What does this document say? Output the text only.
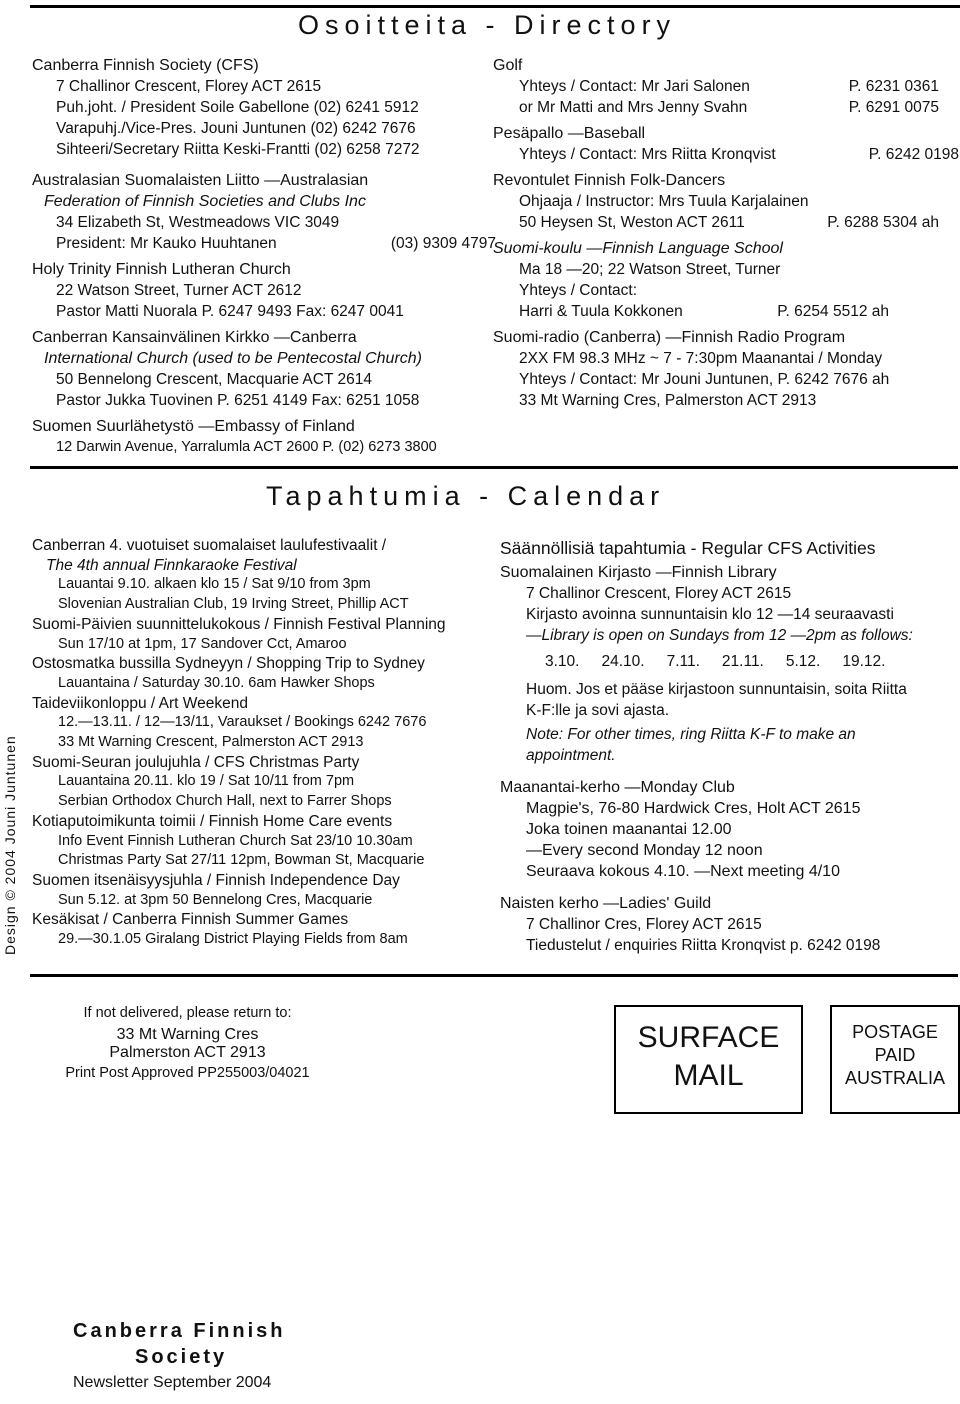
Osoitteita - Directory
Canberra Finnish Society (CFS)
7 Challinor Crescent, Florey ACT 2615
Puh.joht. / President Soile Gabellone (02) 6241 5912
Varapuhj./Vice-Pres. Jouni Juntunen (02) 6242 7676
Sihteeri/Secretary Riitta Keski-Frantti (02) 6258 7272
Australasian Suomalaisten Liitto —Australasian
Federation of Finnish Societies and Clubs Inc
34 Elizabeth St, Westmeadows VIC 3049
President: Mr Kauko Huuhtanen	(03) 9309 4797
Holy Trinity Finnish Lutheran Church
22 Watson Street, Turner ACT 2612
Pastor Matti Nuorala P. 6247 9493 Fax: 6247 0041
Canberran Kansainvälinen Kirkko —Canberra
International Church (used to be Pentecostal Church)
50 Bennelong Crescent, Macquarie ACT 2614
Pastor Jukka Tuovinen P. 6251 4149 Fax: 6251 1058
Suomen Suurlähetystö —Embassy of Finland
12 Darwin Avenue, Yarralumla ACT 2600 P. (02) 6273 3800
Golf
Yhteys / Contact: Mr Jari Salonen	P. 6231 0361
or Mr Matti and Mrs Jenny Svahn	P. 6291 0075
Pesäpallo —Baseball
Yhteys / Contact: Mrs Riitta Kronqvist	P. 6242 0198
Revontulet Finnish Folk-Dancers
Ohjaaja / Instructor: Mrs Tuula Karjalainen
50 Heysen St, Weston ACT 2611	P. 6288 5304 ah
Suomi-koulu —Finnish Language School
Ma 18 —20; 22 Watson Street, Turner
Yhteys / Contact:
Harri & Tuula Kokkonen	P. 6254 5512 ah
Suomi-radio (Canberra) —Finnish Radio Program
2XX FM 98.3 MHz ~ 7 - 7:30pm Maanantai / Monday
Yhteys / Contact: Mr Jouni Juntunen, P. 6242 7676 ah
33 Mt Warning Cres, Palmerston ACT 2913
Tapahtumia - Calendar
Design © 2004 Jouni Juntunen
Canberran 4. vuotuiset suomalaiset laulufestivaalit /
The 4th annual Finnkaraoke Festival
Lauantai 9.10. alkaen klo 15 / Sat 9/10 from 3pm
Slovenian Australian Club, 19 Irving Street, Phillip ACT
Suomi-Päivien suunnittelukokous / Finnish Festival Planning
Sun 17/10 at 1pm, 17 Sandover Cct, Amaroo
Ostosmatka bussilla Sydneyyn / Shopping Trip to Sydney
Lauantaina / Saturday 30.10. 6am Hawker Shops
Taideviikonloppu / Art Weekend
12.—13.11. / 12—13/11, Varaukset / Bookings 6242 7676
33 Mt Warning Crescent, Palmerston ACT 2913
Suomi-Seuran joulujuhla / CFS Christmas Party
Lauantaina 20.11. klo 19 / Sat 10/11 from 7pm
Serbian Orthodox Church Hall, next to Farrer Shops
Kotiaputoimikunta toimii / Finnish Home Care events
Info Event Finnish Lutheran Church Sat 23/10 10.30am
Christmas Party Sat 27/11 12pm, Bowman St, Macquarie
Suomen itsenäisyysjuhla / Finnish Independence Day
Sun 5.12. at 3pm 50 Bennelong Cres, Macquarie
Kesäkisat / Canberra Finnish Summer Games
29.—30.1.05 Giralang District Playing Fields from 8am
Säännöllisiä tapahtumia - Regular CFS Activities
Suomalainen Kirjasto —Finnish Library
7 Challinor Crescent, Florey ACT 2615
Kirjasto avoinna sunnuntaisin klo 12 —14 seuraavasti
—Library is open on Sundays from 12 —2pm as follows:
3.10. 24.10. 7.11. 21.11. 5.12. 19.12.
Huom. Jos et pääse kirjastoon sunnuntaisin, soita Riitta
K-F:lle ja sovi ajasta.
Note: For other times, ring Riitta K-F to make an
appointment.
Maanantai-kerho —Monday Club
Magpie's, 76-80 Hardwick Cres, Holt ACT 2615
Joka toinen maanantai 12.00
—Every second Monday 12 noon
Seuraava kokous 4.10. —Next meeting 4/10
Naisten kerho —Ladies' Guild
7 Challinor Cres, Florey ACT 2615
Tiedustelut / enquiries Riitta Kronqvist p. 6242 0198
If not delivered, please return to:
33 Mt Warning Cres
Palmerston ACT 2913
Print Post Approved PP255003/04021
SURFACE
MAIL
POSTAGE
PAID
AUSTRALIA
Canberra Finnish
Society
Newsletter September 2004
